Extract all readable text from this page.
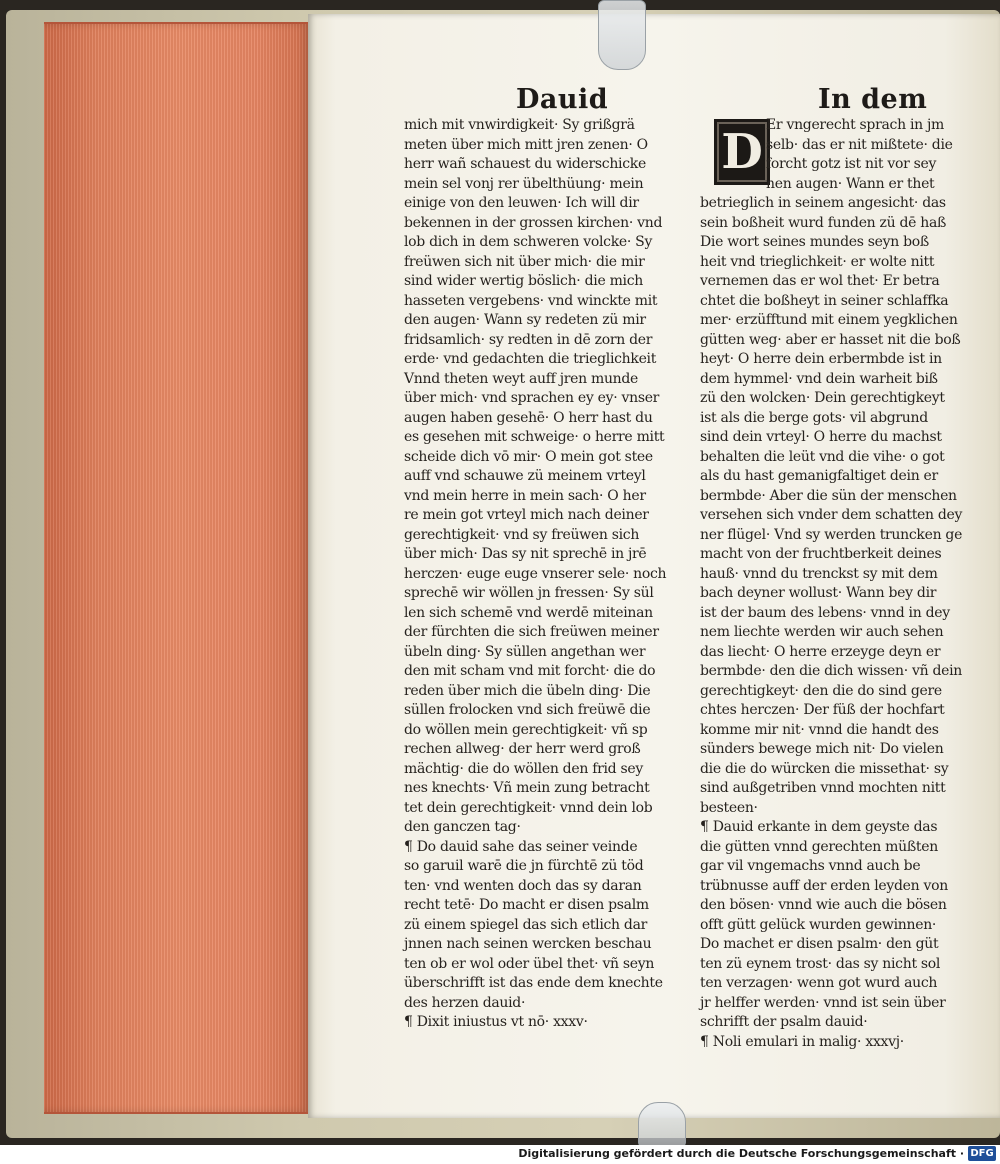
Dauid	In dem
D
mich mit vnwirdigkeit· Sy grißgrä
meten über mich mitt jren zenen· O
herr wañ schauest du widerschicke
mein sel vonj rer übelthüung· mein
einige von den leuwen· Ich will dir
bekennen in der grossen kirchen· vnd
lob dich in dem schweren volcke· Sy
freüwen sich nit über mich· die mir
sind wider wertig böslich· die mich
hasseten vergebens· vnd winckte mit
den augen· Wann sy redeten zü mir
fridsamlich· sy redten in dē zorn der
erde· vnd gedachten die trieglichkeit
Vnnd theten weyt auff jren munde
über mich· vnd sprachen ey ey· vnser
augen haben gesehē· O herr hast du
es gesehen mit schweige· o herre mitt
scheide dich vō mir· O mein got stee
auff vnd schauwe zü meinem vrteyl
vnd mein herre in mein sach· O her
re mein got vrteyl mich nach deiner
gerechtigkeit· vnd sy freüwen sich
über mich· Das sy nit sprechē in jrē
herczen· euge euge vnserer sele· noch
sprechē wir wöllen jn fressen· Sy sül
len sich schemē vnd werdē miteinan
der fürchten die sich freüwen meiner
übeln ding· Sy süllen angethan wer
den mit scham vnd mit forcht· die do
reden über mich die übeln ding· Die
süllen frolocken vnd sich freüwē die
do wöllen mein gerechtigkeit· vñ sp
rechen allweg· der herr werd groß
mächtig· die do wöllen den frid sey
nes knechts· Vñ mein zung betracht
tet dein gerechtigkeit· vnnd dein lob
den ganczen tag·
¶ Do dauid sahe das seiner veinde
so garuil warē die jn fürchtē zü töd
ten· vnd wenten doch das sy daran
recht tetē· Do macht er disen psalm
zü einem spiegel das sich etlich dar
jnnen nach seinen wercken beschau
ten ob er wol oder übel thet· vñ seyn
überschrifft ist das ende dem knechte
des herzen dauid·
¶ Dixit iniustus vt nō· xxxv·
Er vngerecht sprach in jm
selb· das er nit mißtete· die
forcht gotz ist nit vor sey
nen augen· Wann er thet
betrieglich in seinem angesicht· das
sein boßheit wurd funden zü dē haß
Die wort seines mundes seyn boß
heit vnd trieglichkeit· er wolte nitt
vernemen das er wol thet· Er betra
chtet die boßheyt in seiner schlaffka
mer· erzüfftund mit einem yegklichen
gütten weg· aber er hasset nit die boß
heyt· O herre dein erbermbde ist in
dem hymmel· vnd dein warheit biß
zü den wolcken· Dein gerechtigkeyt
ist als die berge gots· vil abgrund
sind dein vrteyl· O herre du machst
behalten die leüt vnd die vihe· o got
als du hast gemanigfaltiget dein er
bermbde· Aber die sün der menschen
versehen sich vnder dem schatten dey
ner flügel· Vnd sy werden truncken ge
macht von der fruchtberkeit deines
hauß· vnnd du trenckst sy mit dem
bach deyner wollust· Wann bey dir
ist der baum des lebens· vnnd in dey
nem liechte werden wir auch sehen
das liecht· O herre erzeyge deyn er
bermbde· den die dich wissen· vñ dein
gerechtigkeyt· den die do sind gere
chtes herczen· Der füß der hochfart
komme mir nit· vnnd die handt des
sünders bewege mich nit· Do vielen
die die do würcken die missethat· sy
sind außgetriben vnnd mochten nitt
besteen·
¶ Dauid erkante in dem geyste das
die gütten vnnd gerechten müßten
gar vil vngemachs vnnd auch be
trübnusse auff der erden leyden von
den bösen· vnnd wie auch die bösen
offt gütt gelück wurden gewinnen·
Do machet er disen psalm· den güt
ten zü eynem trost· das sy nicht sol
ten verzagen· wenn got wurd auch
jr helffer werden· vnnd ist sein über
schrifft der psalm dauid·
¶ Noli emulari in malig· xxxvj·
Digitalisierung gefördert durch die Deutsche Forschungsgemeinschaft · DFG
